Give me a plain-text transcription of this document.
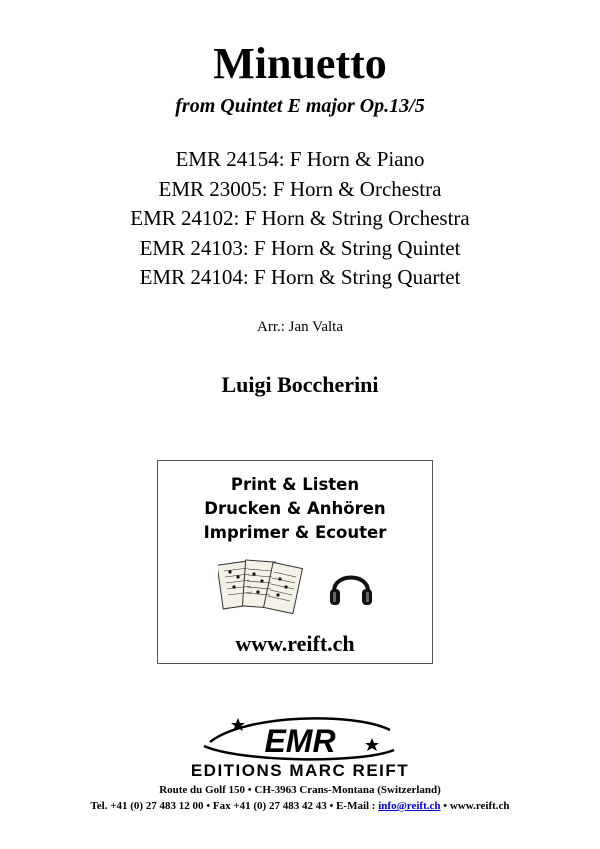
Minuetto
from Quintet E major Op.13/5
EMR 24154: F Horn & Piano
EMR 23005: F Horn & Orchestra
EMR 24102: F Horn & String Orchestra
EMR 24103: F Horn & String Quintet
EMR 24104: F Horn & String Quartet
Arr.: Jan Valta
Luigi Boccherini
Print & Listen
Drucken & Anhören
Imprimer & Ecouter
www.reift.ch
EMR
EDITIONS MARC REIFT
Route du Golf 150 • CH-3963 Crans-Montana (Switzerland)
Tel. +41 (0) 27 483 12 00 • Fax +41 (0) 27 483 42 43 • E-Mail : info@reift.ch • www.reift.ch
